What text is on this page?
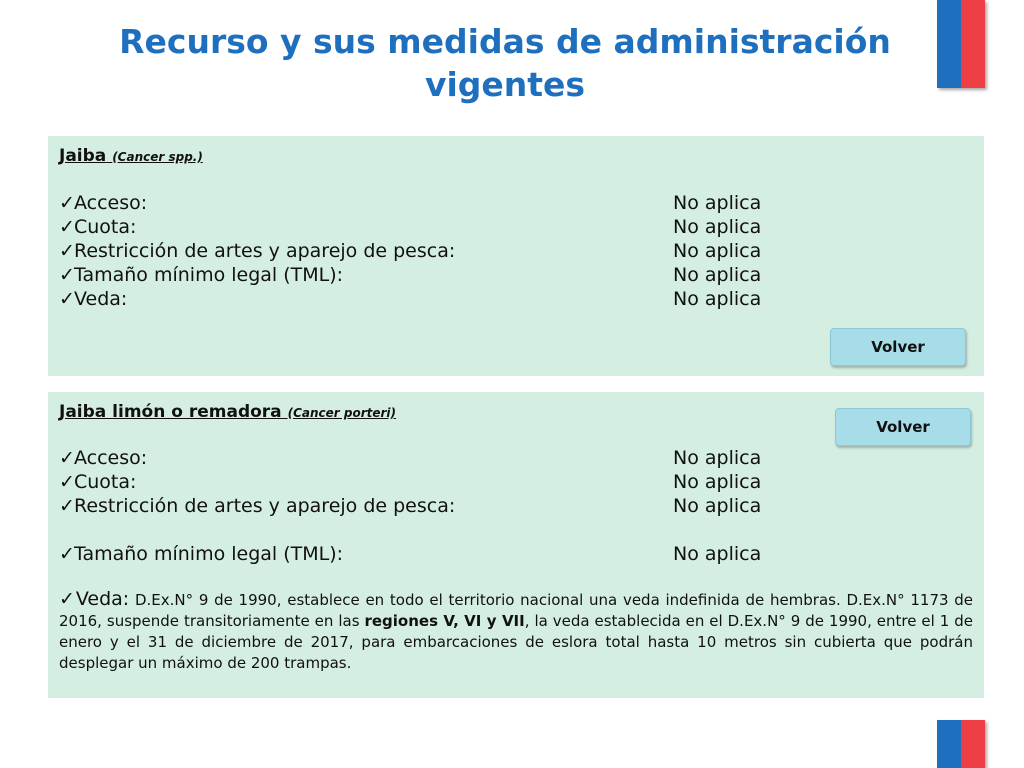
Recurso y sus medidas de administración vigentes
Jaiba (Cancer spp.)
✓Acceso:	No aplica
✓Cuota:	No aplica
✓Restricción de artes y aparejo de pesca:	No aplica
✓Tamaño mínimo legal (TML):	No aplica
✓Veda:	No aplica
Volver
Jaiba limón o remadora (Cancer porteri)
Volver
✓Acceso:	No aplica
✓Cuota:	No aplica
✓Restricción de artes y aparejo de pesca:	No aplica
✓Tamaño mínimo legal (TML):	No aplica
✓Veda: D.Ex.N° 9 de 1990, establece en todo el territorio nacional una veda indefinida de hembras. D.Ex.N° 1173 de 2016, suspende transitoriamente en las regiones V, VI y VII, la veda establecida en el D.Ex.N° 9 de 1990, entre el 1 de enero y el 31 de diciembre de 2017, para embarcaciones de eslora total hasta 10 metros sin cubierta que podrán desplegar un máximo de 200 trampas.
